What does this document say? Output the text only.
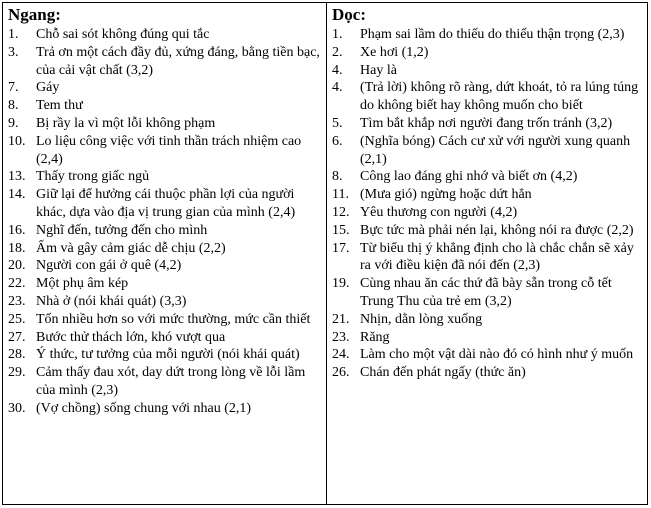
Ngang:
1.	Chỗ sai sót không đúng qui tắc
3.	Trả ơn một cách đầy đủ, xứng đáng, bằng tiền bạc, của cải vật chất (3,2)
7.	Gáy
8.	Tem thư
9.	Bị rầy la vì một lỗi không phạm
10. Lo liệu công việc với tinh thần trách nhiệm cao (2,4)
13. Thấy trong giấc ngủ
14. Giữ lại để hưởng cái thuộc phần lợi của người khác, dựa vào địa vị trung gian của mình (2,4)
16. Nghĩ đến, tưởng đến cho mình
18. Ấm và gây cảm giác dễ chịu (2,2)
20. Người con gái ở quê (4,2)
22. Một phụ âm kép
23. Nhà ở (nói khái quát) (3,3)
25. Tốn nhiều hơn so với mức thường, mức cần thiết
27. Bước thử thách lớn, khó vượt qua
28. Ý thức, tư tưởng của mỗi người (nói khái quát)
29. Cảm thấy đau xót, day dứt trong lòng về lỗi lầm của mình (2,3)
30. (Vợ chồng) sống chung với nhau (2,1)
Dọc:
1.	Phạm sai lầm do thiếu do thiếu thận trọng (2,3)
2.	Xe hơi (1,2)
4.	Hay là
4.	(Trả lời) không rõ ràng, dứt khoát, tỏ ra lúng túng do không biết hay không muốn cho biết
5.	Tìm bắt khắp nơi người đang trốn tránh (3,2)
6.	(Nghĩa bóng) Cách cư xử với người xung quanh (2,1)
8.	Công lao đáng ghi nhớ và biết ơn (4,2)
11. (Mưa gió) ngừng hoặc dứt hẳn
12. Yêu thương con người (4,2)
15. Bực tức mà phải nén lại, không nói ra được (2,2)
17. Từ biểu thị ý khẳng định cho là chắc chắn sẽ xảy ra với điều kiện đã nói đến (2,3)
19. Cùng nhau ăn các thứ đã bày sẵn trong cỗ tết Trung Thu của trẻ em (3,2)
21. Nhịn, dằn lòng xuống
23. Răng
24. Làm cho một vật dài nào đó có hình như ý muốn
26. Chán đến phát ngấy (thức ăn)
